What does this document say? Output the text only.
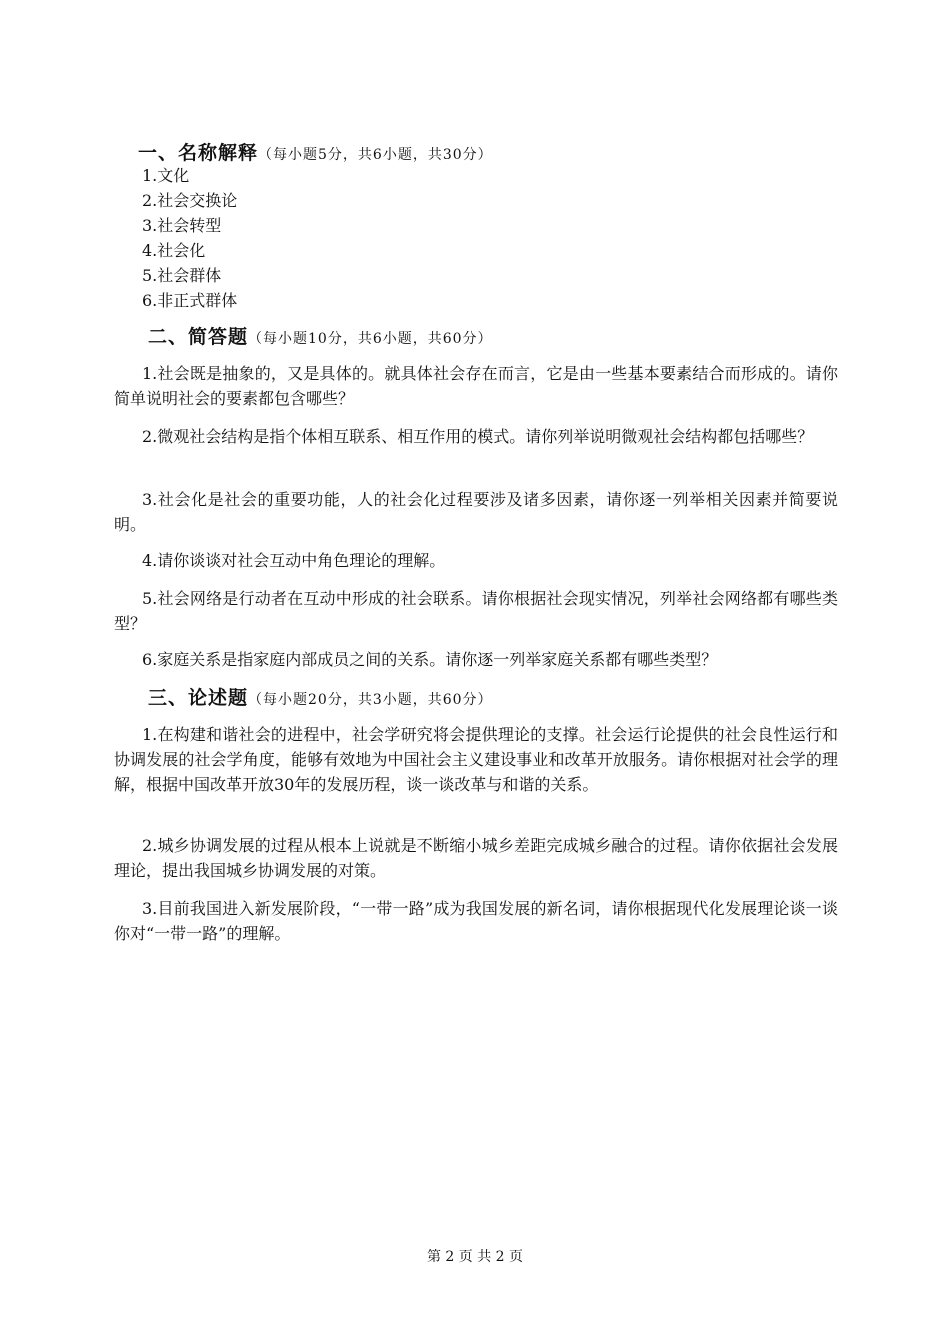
一、名称解释（每小题5分，共6小题，共30分）
1.文化
2.社会交换论
3.社会转型
4.社会化
5.社会群体
6.非正式群体
二、简答题（每小题10分，共6小题，共60分）

1.社会既是抽象的，又是具体的。就具体社会存在而言，它是由一些基本要素结合而形成的。请你简单说明社会的要素都包含哪些？

2.微观社会结构是指个体相互联系、相互作用的模式。请你列举说明微观社会结构都包括哪些？

3.社会化是社会的重要功能，人的社会化过程要涉及诸多因素，请你逐一列举相关因素并简要说明。

4.请你谈谈对社会互动中角色理论的理解。

5.社会网络是行动者在互动中形成的社会联系。请你根据社会现实情况，列举社会网络都有哪些类型？

6.家庭关系是指家庭内部成员之间的关系。请你逐一列举家庭关系都有哪些类型？

三、论述题（每小题20分，共3小题，共60分）

1.在构建和谐社会的进程中，社会学研究将会提供理论的支撑。社会运行论提供的社会良性运行和协调发展的社会学角度，能够有效地为中国社会主义建设事业和改革开放服务。请你根据对社会学的理解，根据中国改革开放30年的发展历程，谈一谈改革与和谐的关系。

2.城乡协调发展的过程从根本上说就是不断缩小城乡差距完成城乡融合的过程。请你依据社会发展理论，提出我国城乡协调发展的对策。

3.目前我国进入新发展阶段，“一带一路”成为我国发展的新名词，请你根据现代化发展理论谈一谈你对“一带一路”的理解。

第 2 页 共 2 页
